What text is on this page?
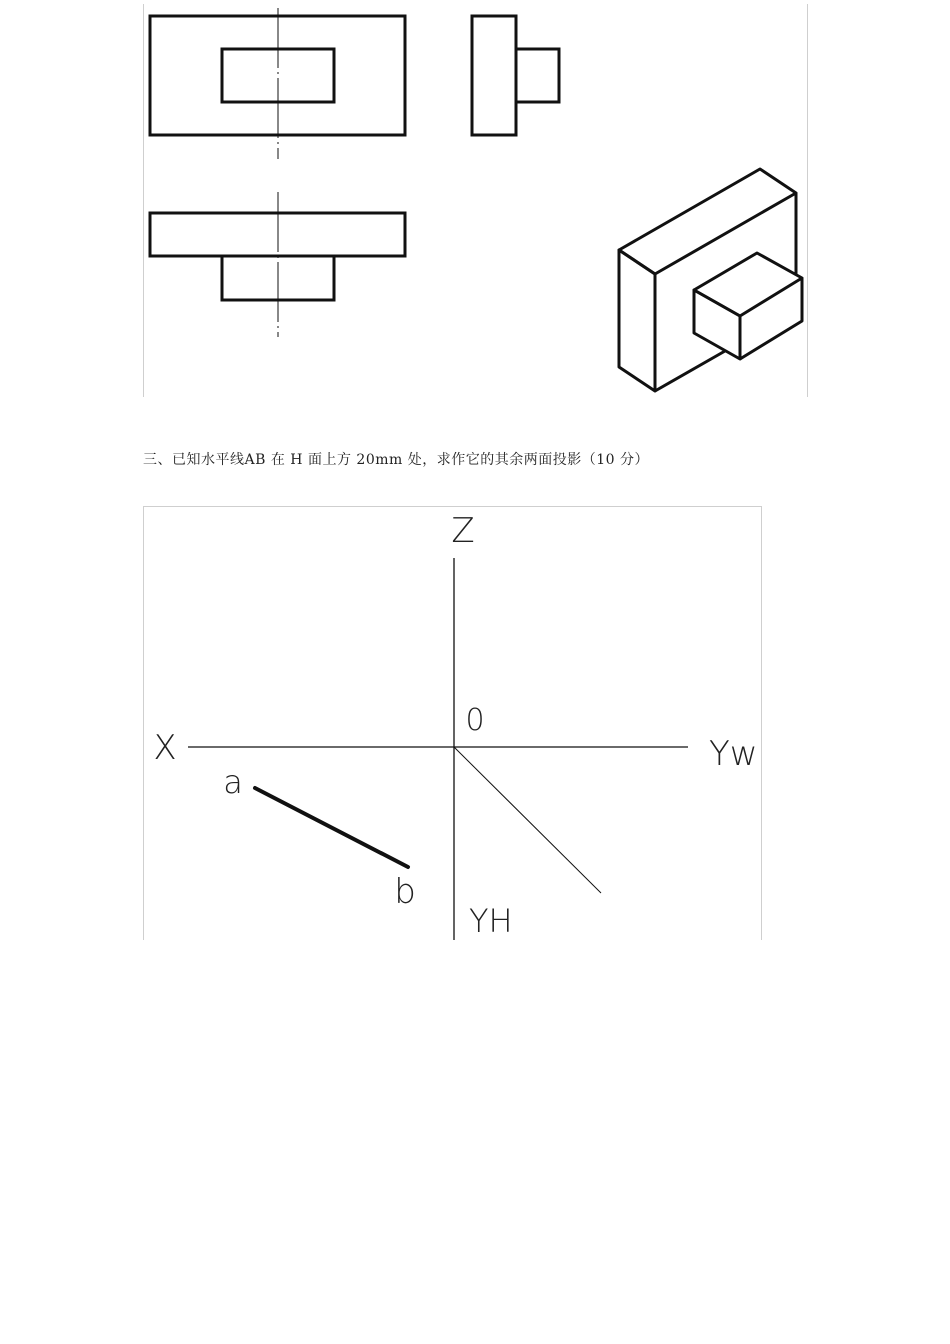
三、已知水平线AB 在 H 面上方 20mm 处，求作它的其余两面投影（10 分）
Z
0
X	Yw
YH
a
b
